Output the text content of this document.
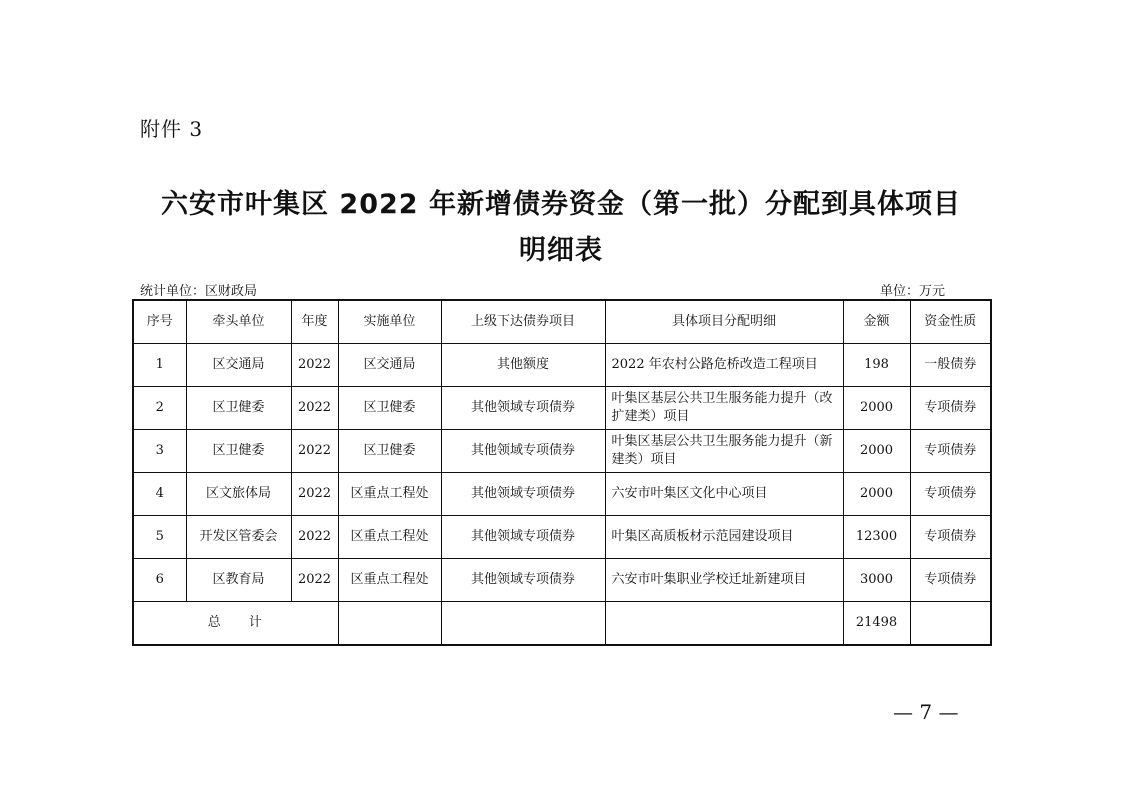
附件 3
六安市叶集区 2022 年新增债券资金（第一批）分配到具体项目
明细表
统计单位：区财政局	单位：万元
序号	牵头单位	年度	实施单位	上级下达债券项目	具体项目分配明细	金额	资金性质
1	区交通局	2022	区交通局	其他额度	2022 年农村公路危桥改造工程项目	198	一般债券
2	区卫健委	2022	区卫健委	其他领域专项债券	叶集区基层公共卫生服务能力提升（改扩建类）项目	2000	专项债券
3	区卫健委	2022	区卫健委	其他领域专项债券	叶集区基层公共卫生服务能力提升（新建类）项目	2000	专项债券
4	区文旅体局	2022	区重点工程处	其他领域专项债券	六安市叶集区文化中心项目	2000	专项债券
5	开发区管委会	2022	区重点工程处	其他领域专项债券	叶集区高质板材示范园建设项目	12300	专项债券
6	区教育局	2022	区重点工程处	其他领域专项债券	六安市叶集职业学校迁址新建项目	3000	专项债券
总计						21498	
— 7 —
